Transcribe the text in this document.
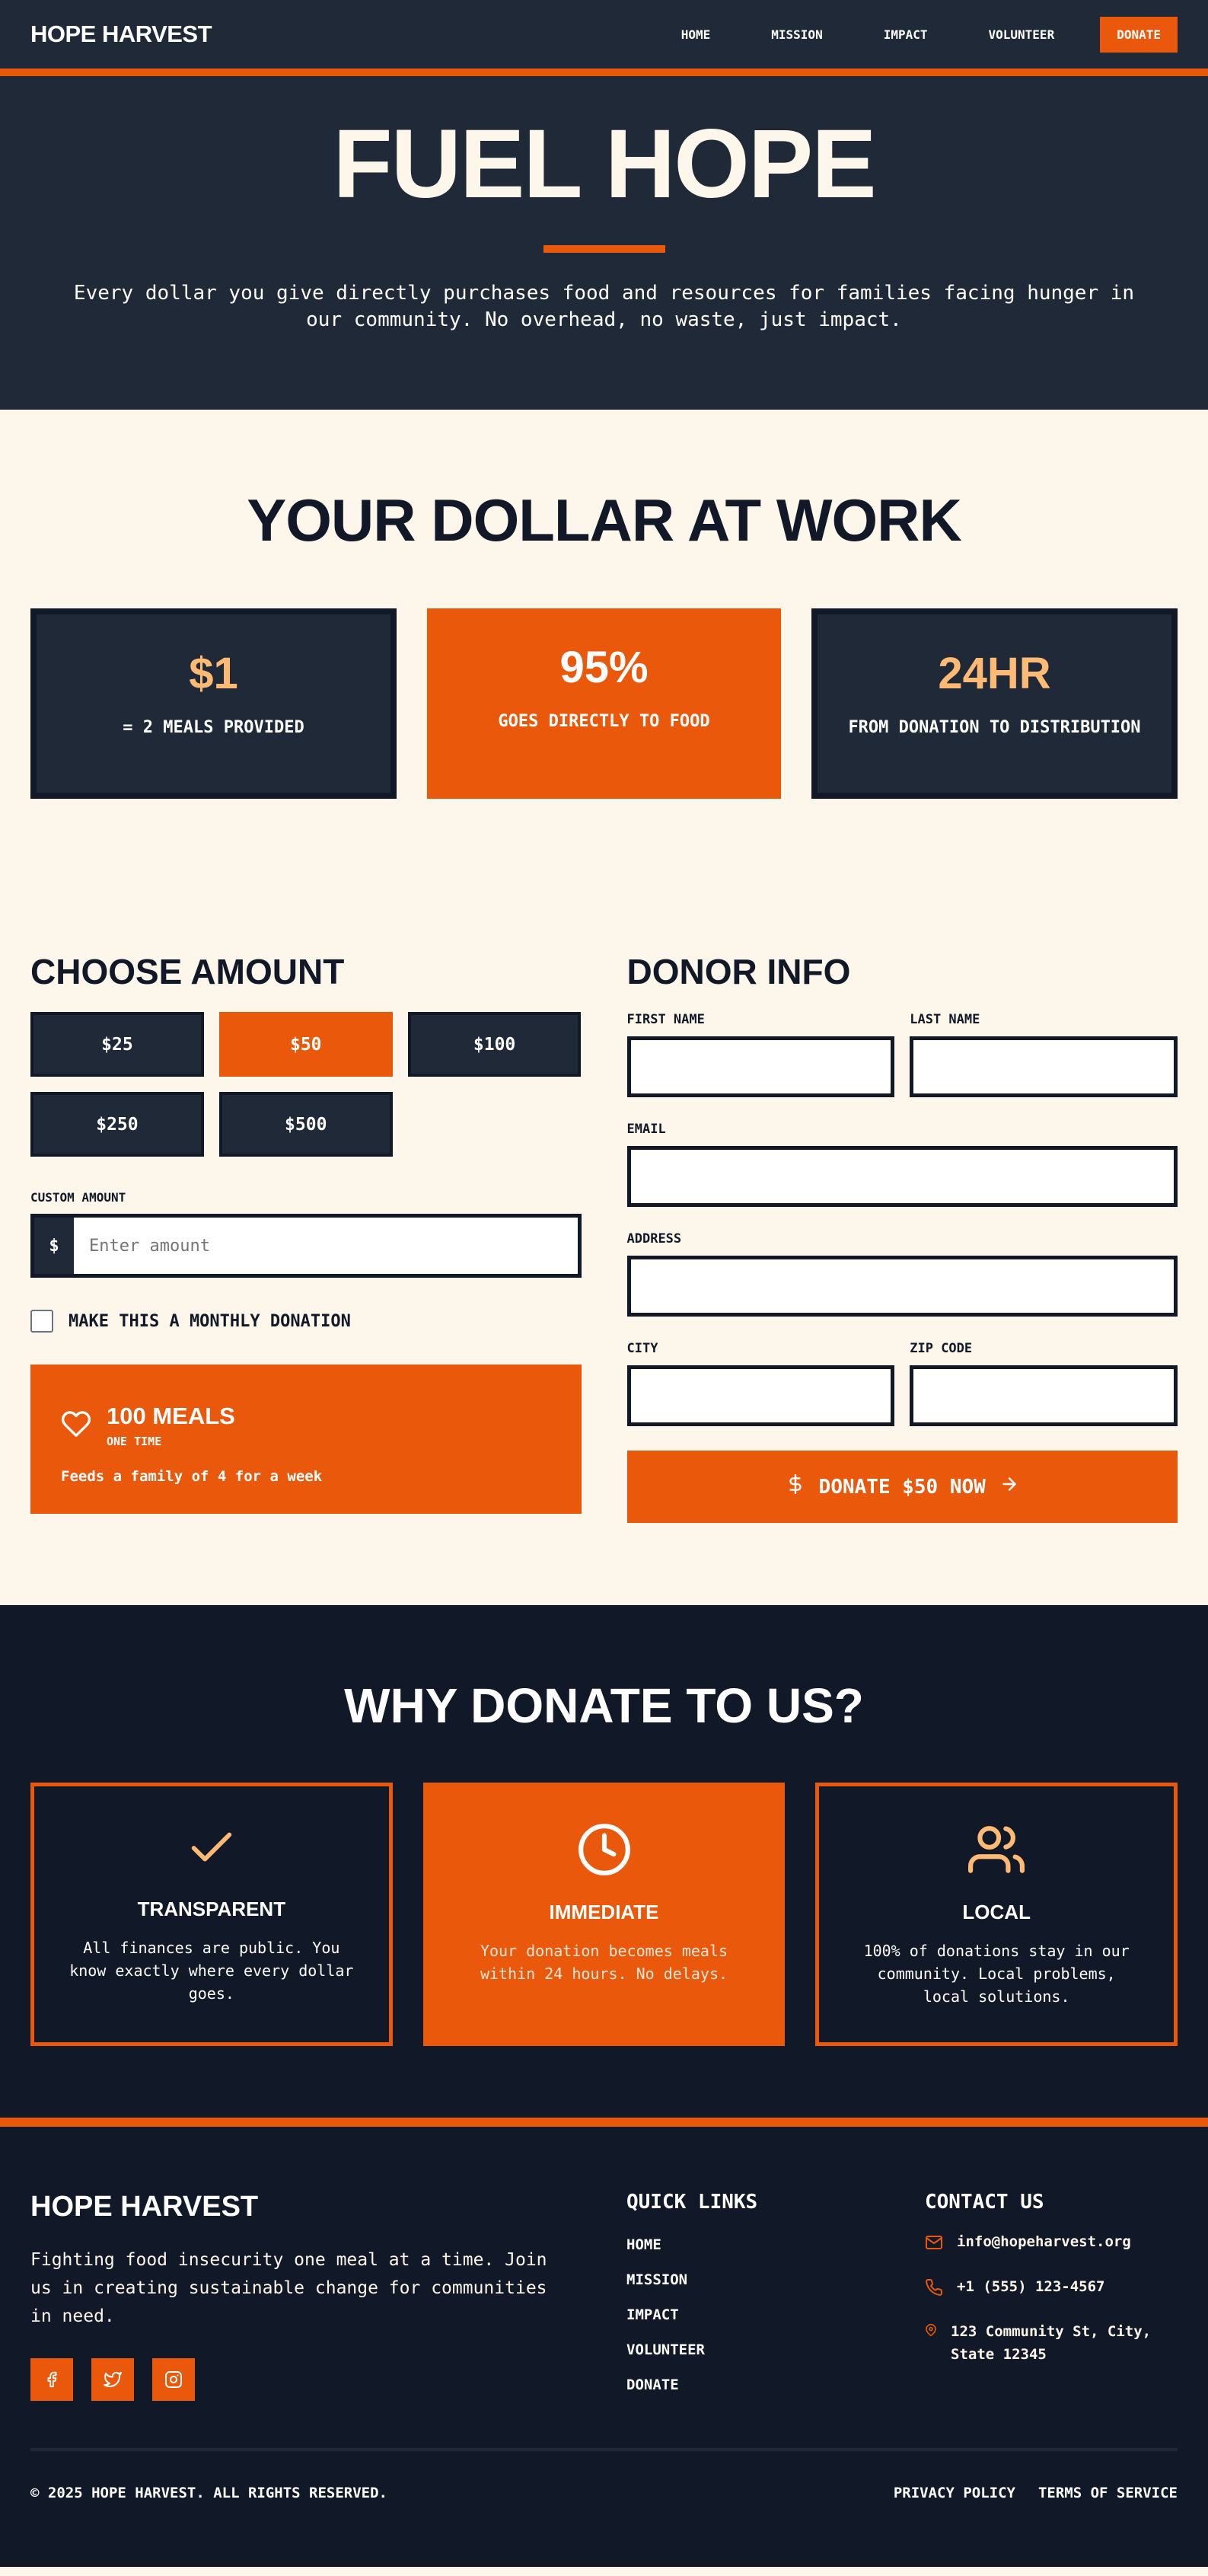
HOPE HARVEST	HOME	MISSION	IMPACT	VOLUNTEER	DONATE
FUEL HOPE

Every dollar you give directly purchases food and resources for families facing hunger in our community. No overhead, no waste, just impact.

YOUR DOLLAR AT WORK
$1
= 2 MEALS PROVIDED
95%
GOES DIRECTLY TO FOOD
24HR
FROM DONATION TO DISTRIBUTION
CHOOSE AMOUNT
$25	$50	$100
$250	$500
CUSTOM AMOUNT
$
Enter amount
MAKE THIS A MONTHLY DONATION
100 MEALS
ONE TIME
Feeds a family of 4 for a week
DONOR INFO
FIRST NAME	LAST NAME
EMAIL
ADDRESS
CITY	ZIP CODE
DONATE $50 NOW
WHY DONATE TO US?
TRANSPARENT
All finances are public. You know exactly where every dollar goes.
IMMEDIATE
Your donation becomes meals within 24 hours. No delays.
LOCAL
100% of donations stay in our community. Local problems, local solutions.
HOPE HARVEST

Fighting food insecurity one meal at a time. Join us in creating sustainable change for communities in need.

QUICK LINKS
HOME
MISSION
IMPACT
VOLUNTEER
DONATE
CONTACT US
info@hopeharvest.org
+1 (555) 123-4567
123 Community St, City, State 12345
© 2025 HOPE HARVEST. ALL RIGHTS RESERVED.	PRIVACY POLICY TERMS OF SERVICE
